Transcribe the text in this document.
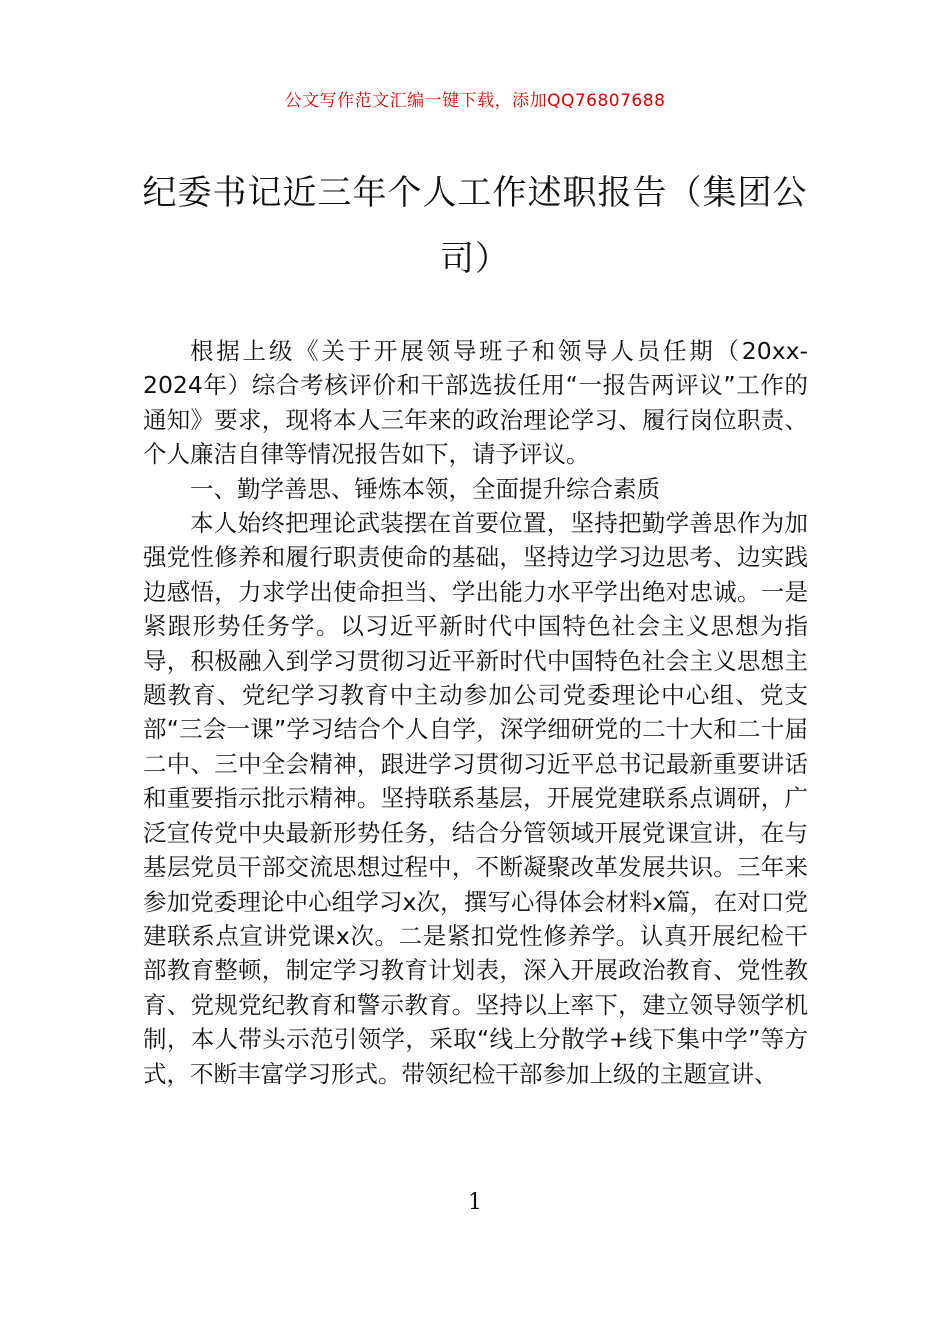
公文写作范文汇编一键下载，添加QQ76807688
纪委书记近三年个人工作述职报告（集团公司）

根据上级《关于开展领导班子和领导人员任期（20xx-2024年）综合考核评价和干部选拔任用“一报告两评议”工作的通知》要求，现将本人三年来的政治理论学习、履行岗位职责、个人廉洁自律等情况报告如下，请予评议。

一、勤学善思、锤炼本领，全面提升综合素质

本人始终把理论武装摆在首要位置，坚持把勤学善思作为加强党性修养和履行职责使命的基础，坚持边学习边思考、边实践边感悟，力求学出使命担当、学出能力水平学出绝对忠诚。一是紧跟形势任务学。以习近平新时代中国特色社会主义思想为指导，积极融入到学习贯彻习近平新时代中国特色社会主义思想主题教育、党纪学习教育中主动参加公司党委理论中心组、党支部“三会一课”学习结合个人自学，深学细研党的二十大和二十届二中、三中全会精神，跟进学习贯彻习近平总书记最新重要讲话和重要指示批示精神。坚持联系基层，开展党建联系点调研，广泛宣传党中央最新形势任务，结合分管领域开展党课宣讲，在与基层党员干部交流思想过程中，不断凝聚改革发展共识。三年来参加党委理论中心组学习x次，撰写心得体会材料x篇，在对口党建联系点宣讲党课x次。二是紧扣党性修养学。认真开展纪检干部教育整顿，制定学习教育计划表，深入开展政治教育、党性教育、党规党纪教育和警示教育。坚持以上率下，建立领导领学机制，本人带头示范引领学，采取“线上分散学+线下集中学”等方式，不断丰富学习形式。带领纪检干部参加上级的主题宣讲、

1
